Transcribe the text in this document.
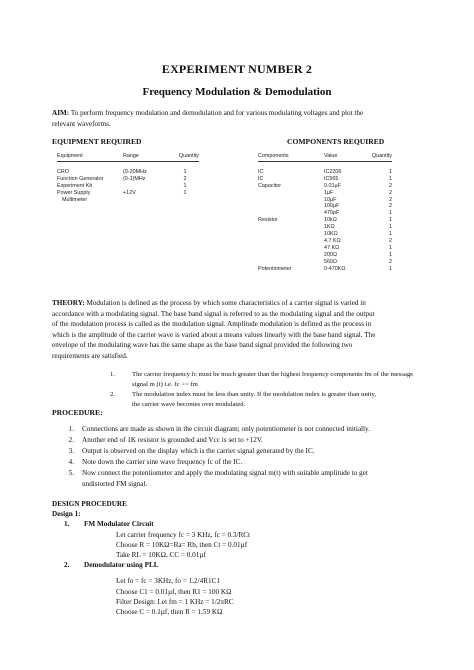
EXPERIMENT NUMBER 2
Frequency Modulation & Demodulation
AIM: To perform frequency modulation and demodulation and for various modulating voltages and plot the
relevant waveforms.
EQUIPMENT REQUIRED	COMPONENTS REQUIRED
Equipment	Range	Quantity

CRO	(0-20MHz	1
Function Generator	(0-1)MHz	2
Experiment Kit		1
Power Supply	+12V	1
Multimeter		
Components	Value	Quantity

IC	IC2206	1
IC	IC565	1
Capacitor	0.01µF	2
	1µF	2
	10µF	2
	100µF	2
	470pF	1
Resistor	10kΩ	1
	1KΩ	1
	10KΩ	1
	4.7 KΩ	2
	47 KΩ	1
	200Ω	1
	560Ω	2
Potentiometer	0-470KΩ	1
THEORY: Modulation is defined as the process by which some characteristics of a carrier signal is varied in
accordance with a modulating signal. The base band signal is referred to as the modulating signal and the output
of the modulation process is called as the modulation signal. Amplitude modulation is defined as the process in
which is the amplitude of the carrier wave is varied about a means values linearly with the base band signal. The
envelope of the modulating wave has the same shape as the base band signal provided the following two
requirements are satisfied.
1.	The carrier frequency fc must be much greater than the highest frequency components fm of the message
signal m (t) i.e. fc >> fm
2.	The modulation index must be less than unity. If the modulation index is greater than unity,
the carrier wave becomes over modulated.
PROCEDURE:
1. Connections are made as shown in the circuit diagram; only potentiometer is not connected initially.
2. Another end of 1K resistor is grounded and Vcc is set to +12V.
3. Output is observed on the display which is the carrier signal generated by the IC.
4. Note down the carrier sine wave frequency fc of the IC.
5. Now connect the potentiometer and apply the modulating signal m(t) with suitable amplitude to get
undistorted FM signal.
DESIGN PROCEDURE
Design 1:
1. FM Modulator Circuit
Let carrier frequency fc = 3 KHz, fc = 0.3/RCt
Choose R = 10KΩ=Ra= Rb, then Ct = 0.01µf
Take RL = 10KΩ, CC = 0.01µf
2. Demodulator using PLL
Let fo = fc = 3KHz, fo = 1.2/4R1C1
Choose C1 = 0.01µf, then R1 = 100 KΩ
Filter Design: Let fm = 1 KHz = 1/2πRC
Choose C = 0.1µf, then R = 1.59 KΩ
